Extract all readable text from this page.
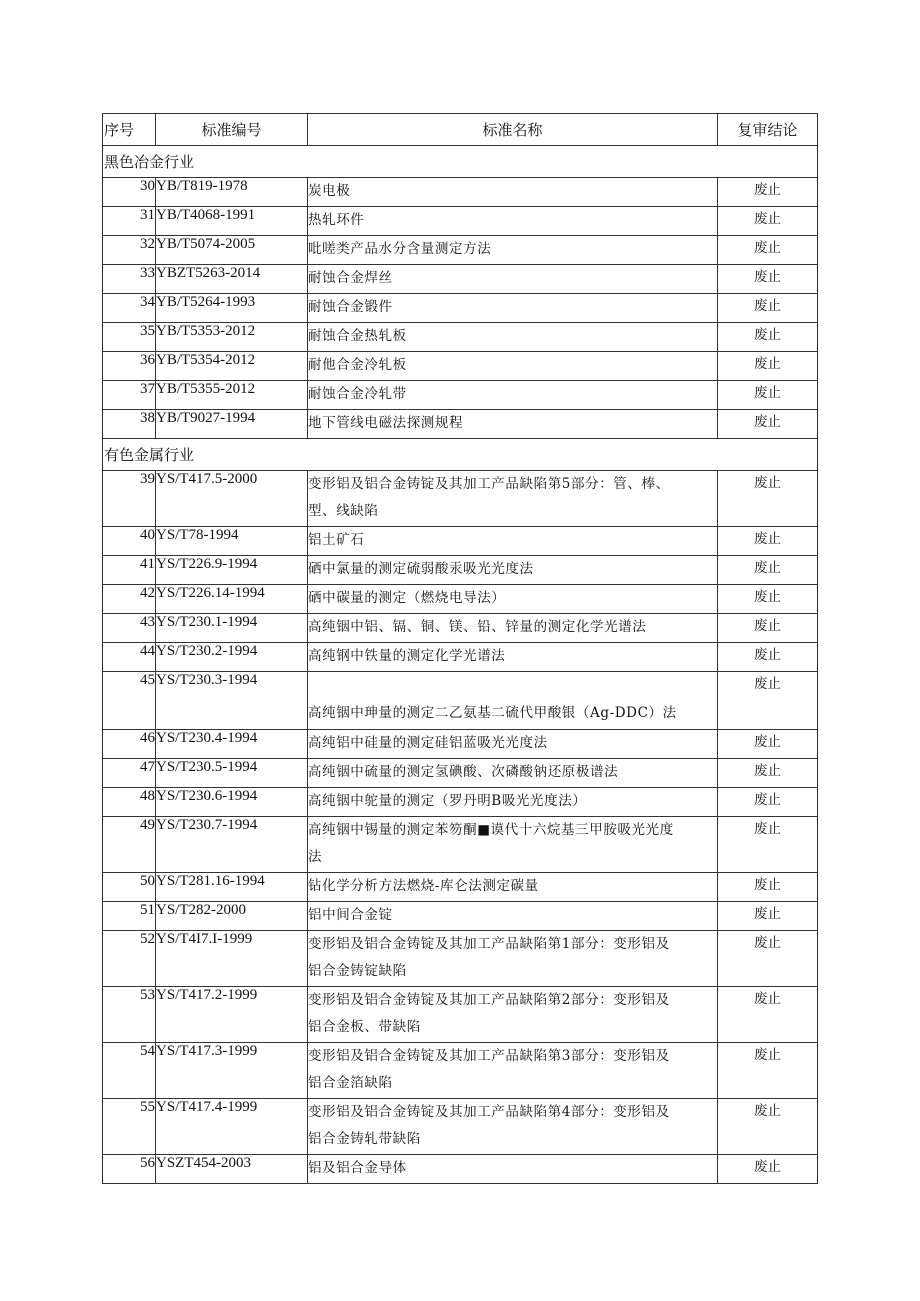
序号	标准编号	标准名称	复审结论
黑色冶金行业			
30	YB/T819-1978	炭电极	废止
31	YB/T4068-1991	热轧环件	废止
32	YB/T5074-2005	吡嗟类产品水分含量测定方法	废止
33	YBZT5263-2014	耐蚀合金焊丝	废止
34	YB/T5264-1993	耐蚀合金锻件	废止
35	YB/T5353-2012	耐蚀合金热轧板	废止
36	YB/T5354-2012	耐他合金冷轧板	废止
37	YB/T5355-2012	耐蚀合金冷轧带	废止
38	YB/T9027-1994	地下管线电磁法探测规程	废止
有色金属行业			
39	YS/T417.5-2000	变形铝及铝合金铸锭及其加工产品缺陷第5部分：管、棒、
型、线缺陷	废止
40	YS/T78-1994	铝土矿石	废止
41	YS/T226.9-1994	硒中氯量的测定硫弱酸汞吸光光度法	废止
42	YS/T226.14-1994	硒中碳量的测定（燃烧电导法）	废止
43	YS/T230.1-1994	高纯铟中铝、镉、铜、镁、铅、锌量的测定化学光谱法	废止
44	YS/T230.2-1994	高纯钢中铁量的测定化学光谱法	废止
45	YS/T230.3-1994	高纯铟中珅量的测定二乙氨基二硫代甲酸银（Ag-DDC）法	废止
46	YS/T230.4-1994	高纯铝中硅量的测定硅铝蓝吸光光度法	废止
47	YS/T230.5-1994	高纯铟中硫量的测定氢碘酸、次磷酸钠还原极谱法	废止
48	YS/T230.6-1994	高纯铟中鸵量的测定（罗丹明B吸光光度法）	废止
49	YS/T230.7-1994	高纯铟中锡量的测定苯笏酮■谟代十六烷基三甲胺吸光光度
法	废止
50	YS/T281.16-1994	钻化学分析方法燃烧-库仑法测定碳量	废止
51	YS/T282-2000	铝中间合金锭	废止
52	YS/T4I7.I-1999	变形铝及铝合金铸锭及其加工产品缺陷第1部分：变形铝及
铝合金铸锭缺陷	废止
53	YS/T417.2-1999	变形铝及铝合金铸锭及其加工产品缺陷第2部分：变形铝及
铝合金板、带缺陷	废止
54	YS/T417.3-1999	变形铝及铝合金铸锭及其加工产品缺陷第3部分：变形铝及
铝合金箔缺陷	废止
55	YS/T417.4-1999	变形铝及铝合金铸锭及其加工产品缺陷第4部分：变形铝及
铝合金铸轧带缺陷	废止
56	YSZT454-2003	铝及铝合金导体	废止
